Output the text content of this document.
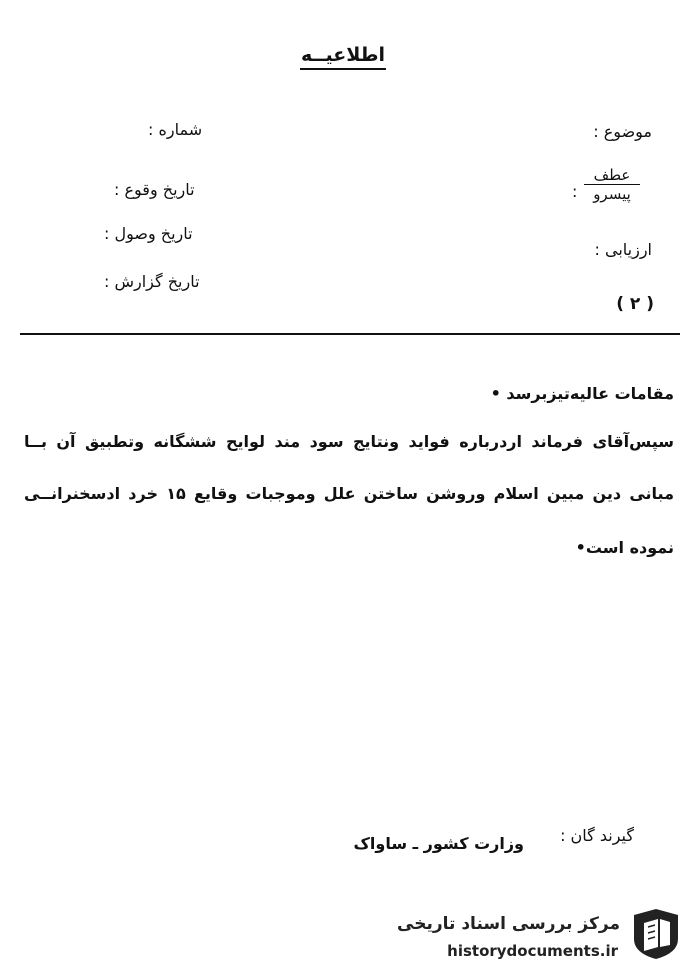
اطلاعیــه
موضوع :
عطف
پیسرو
:
ارزیابی :
( ۲ )
شماره :
تاریخ وقوع :
تاریخ وصول :
تاریخ گزارش :
مقامات عالیه‌تیزبرسد •
سپس‌آقای فرماند اردرباره فواید ونتایج سود مند لوایح ششگانه وتطبیق آن بــا
مبانی دین مبین اسلام وروشن ساختن علل وموجبات وقایع ۱۵ خرد ادسخنرانــی
نموده است•
گیرند گان :
وزارت کشور ـ ساواک
مرکز بررسی اسناد تاریخی
historydocuments.ir
